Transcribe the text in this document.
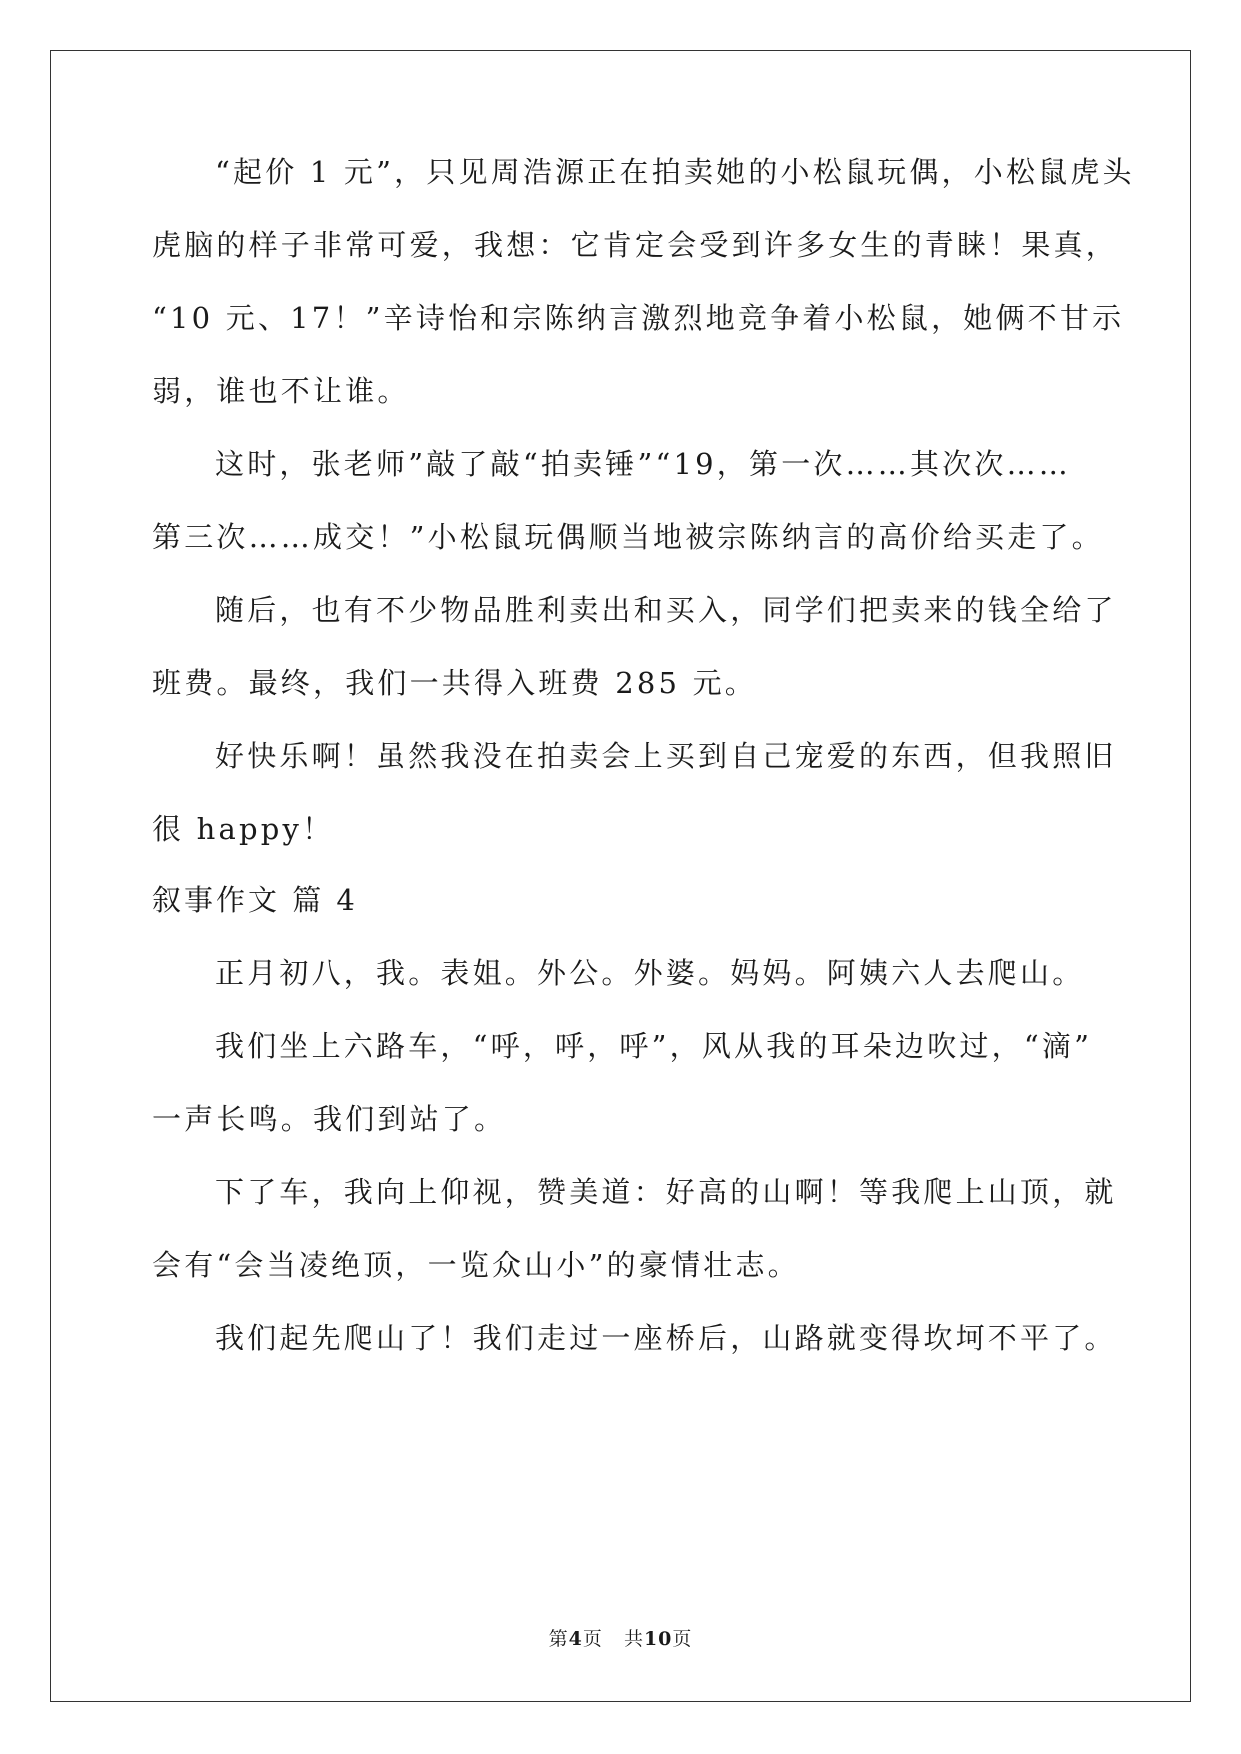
“起价 1 元”，只见周浩源正在拍卖她的小松鼠玩偶，小松鼠虎头
虎脑的样子非常可爱，我想：它肯定会受到许多女生的青睐！果真，
“10 元、17！”辛诗怡和宗陈纳言激烈地竞争着小松鼠，她俩不甘示
弱，谁也不让谁。
这时，张老师”敲了敲“拍卖锤”“19，第一次……其次次……
第三次……成交！”小松鼠玩偶顺当地被宗陈纳言的高价给买走了。
随后，也有不少物品胜利卖出和买入，同学们把卖来的钱全给了
班费。最终，我们一共得入班费 285 元。
好快乐啊！虽然我没在拍卖会上买到自己宠爱的东西，但我照旧
很 happy！
叙事作文 篇 4
正月初八，我。表姐。外公。外婆。妈妈。阿姨六人去爬山。
我们坐上六路车，“呼，呼，呼”，风从我的耳朵边吹过，“滴”
一声长鸣。我们到站了。
下了车，我向上仰视，赞美道：好高的山啊！等我爬上山顶，就
会有“会当凌绝顶，一览众山小”的豪情壮志。
我们起先爬山了！我们走过一座桥后，山路就变得坎坷不平了。
第4页   共10页
